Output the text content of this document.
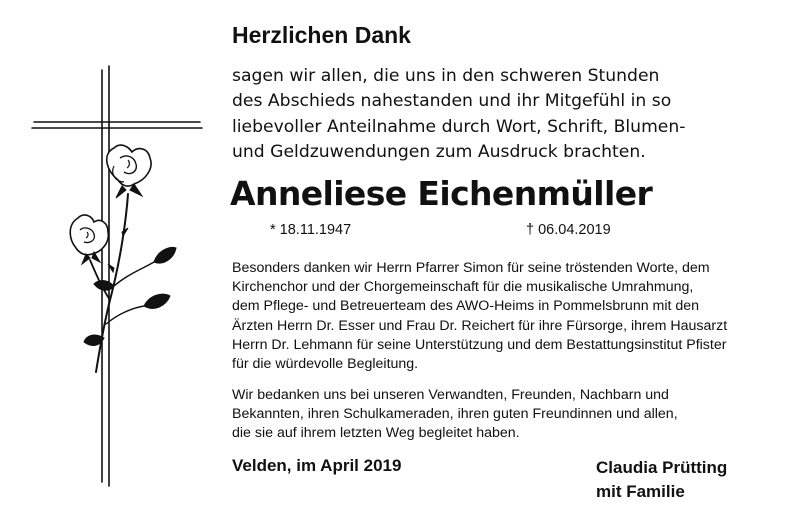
Herzlichen Dank
sagen wir allen, die uns in den schweren Stunden
des Abschieds nahestanden und ihr Mitgefühl in so
liebevoller Anteilnahme durch Wort, Schrift, Blumen-
und Geldzuwendungen zum Ausdruck brachten.
Anneliese Eichenmüller
* 18.11.1947	† 06.04.2019
Besonders danken wir Herrn Pfarrer Simon für seine tröstenden Worte, dem
Kirchenchor und der Chorgemeinschaft für die musikalische Umrahmung,
dem Pflege- und Betreuerteam des AWO-Heims in Pommelsbrunn mit den
Ärzten Herrn Dr. Esser und Frau Dr. Reichert für ihre Fürsorge, ihrem Hausarzt
Herrn Dr. Lehmann für seine Unterstützung und dem Bestattungsinstitut Pfister
für die würdevolle Begleitung.
Wir bedanken uns bei unseren Verwandten, Freunden, Nachbarn und
Bekannten, ihren Schulkameraden, ihren guten Freundinnen und allen,
die sie auf ihrem letzten Weg begleitet haben.
Velden, im April 2019	Claudia Prütting
mit Familie
